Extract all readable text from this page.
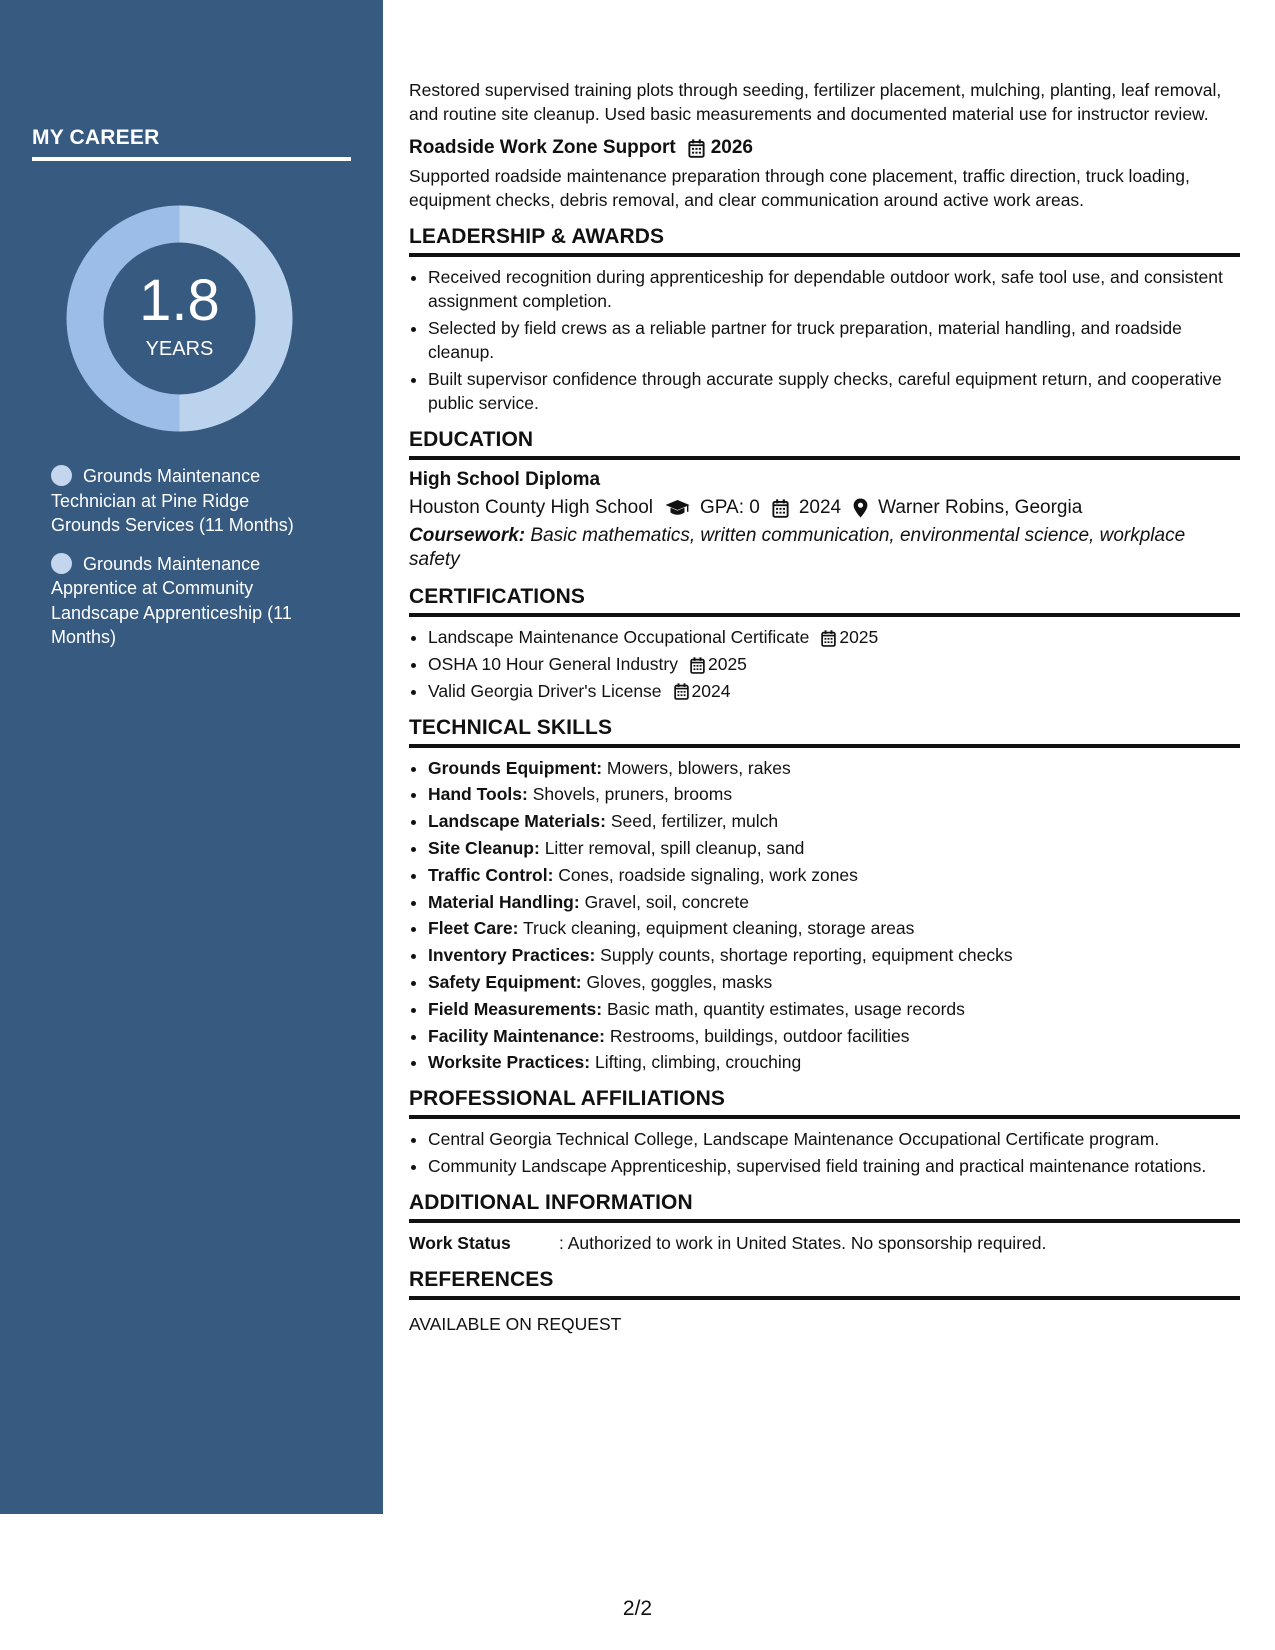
MY CAREER
1.8
YEARS
Grounds Maintenance Technician at Pine Ridge Grounds Services (11 Months)
Grounds Maintenance Apprentice at Community Landscape Apprenticeship (11 Months)

Restored supervised training plots through seeding, fertilizer placement, mulching, planting, leaf removal, and routine site cleanup. Used basic measurements and documented material use for instructor review.

Roadside Work Zone Support 2026

Supported roadside maintenance preparation through cone placement, traffic direction, truck loading, equipment checks, debris removal, and clear communication around active work areas.

LEADERSHIP & AWARDS
• Received recognition during apprenticeship for dependable outdoor work, safe tool use, and consistent assignment completion.
• Selected by field crews as a reliable partner for truck preparation, material handling, and roadside cleanup.
• Built supervisor confidence through accurate supply checks, careful equipment return, and cooperative public service.
EDUCATION
High School Diploma
Houston County High School GPA: 0 2024 Warner Robins, Georgia

Coursework: Basic mathematics, written communication, environmental science, workplace safety

CERTIFICATIONS
• Landscape Maintenance Occupational Certificate 2025
• OSHA 10 Hour General Industry 2025
• Valid Georgia Driver's License 2024
TECHNICAL SKILLS
• Grounds Equipment: Mowers, blowers, rakes
• Hand Tools: Shovels, pruners, brooms
• Landscape Materials: Seed, fertilizer, mulch
• Site Cleanup: Litter removal, spill cleanup, sand
• Traffic Control: Cones, roadside signaling, work zones
• Material Handling: Gravel, soil, concrete
• Fleet Care: Truck cleaning, equipment cleaning, storage areas
• Inventory Practices: Supply counts, shortage reporting, equipment checks
• Safety Equipment: Gloves, goggles, masks
• Field Measurements: Basic math, quantity estimates, usage records
• Facility Maintenance: Restrooms, buildings, outdoor facilities
• Worksite Practices: Lifting, climbing, crouching
PROFESSIONAL AFFILIATIONS
• Central Georgia Technical College, Landscape Maintenance Occupational Certificate program.
• Community Landscape Apprenticeship, supervised field training and practical maintenance rotations.
ADDITIONAL INFORMATION
Work Status	: Authorized to work in United States. No sponsorship required.
REFERENCES
AVAILABLE ON REQUEST
2/2
